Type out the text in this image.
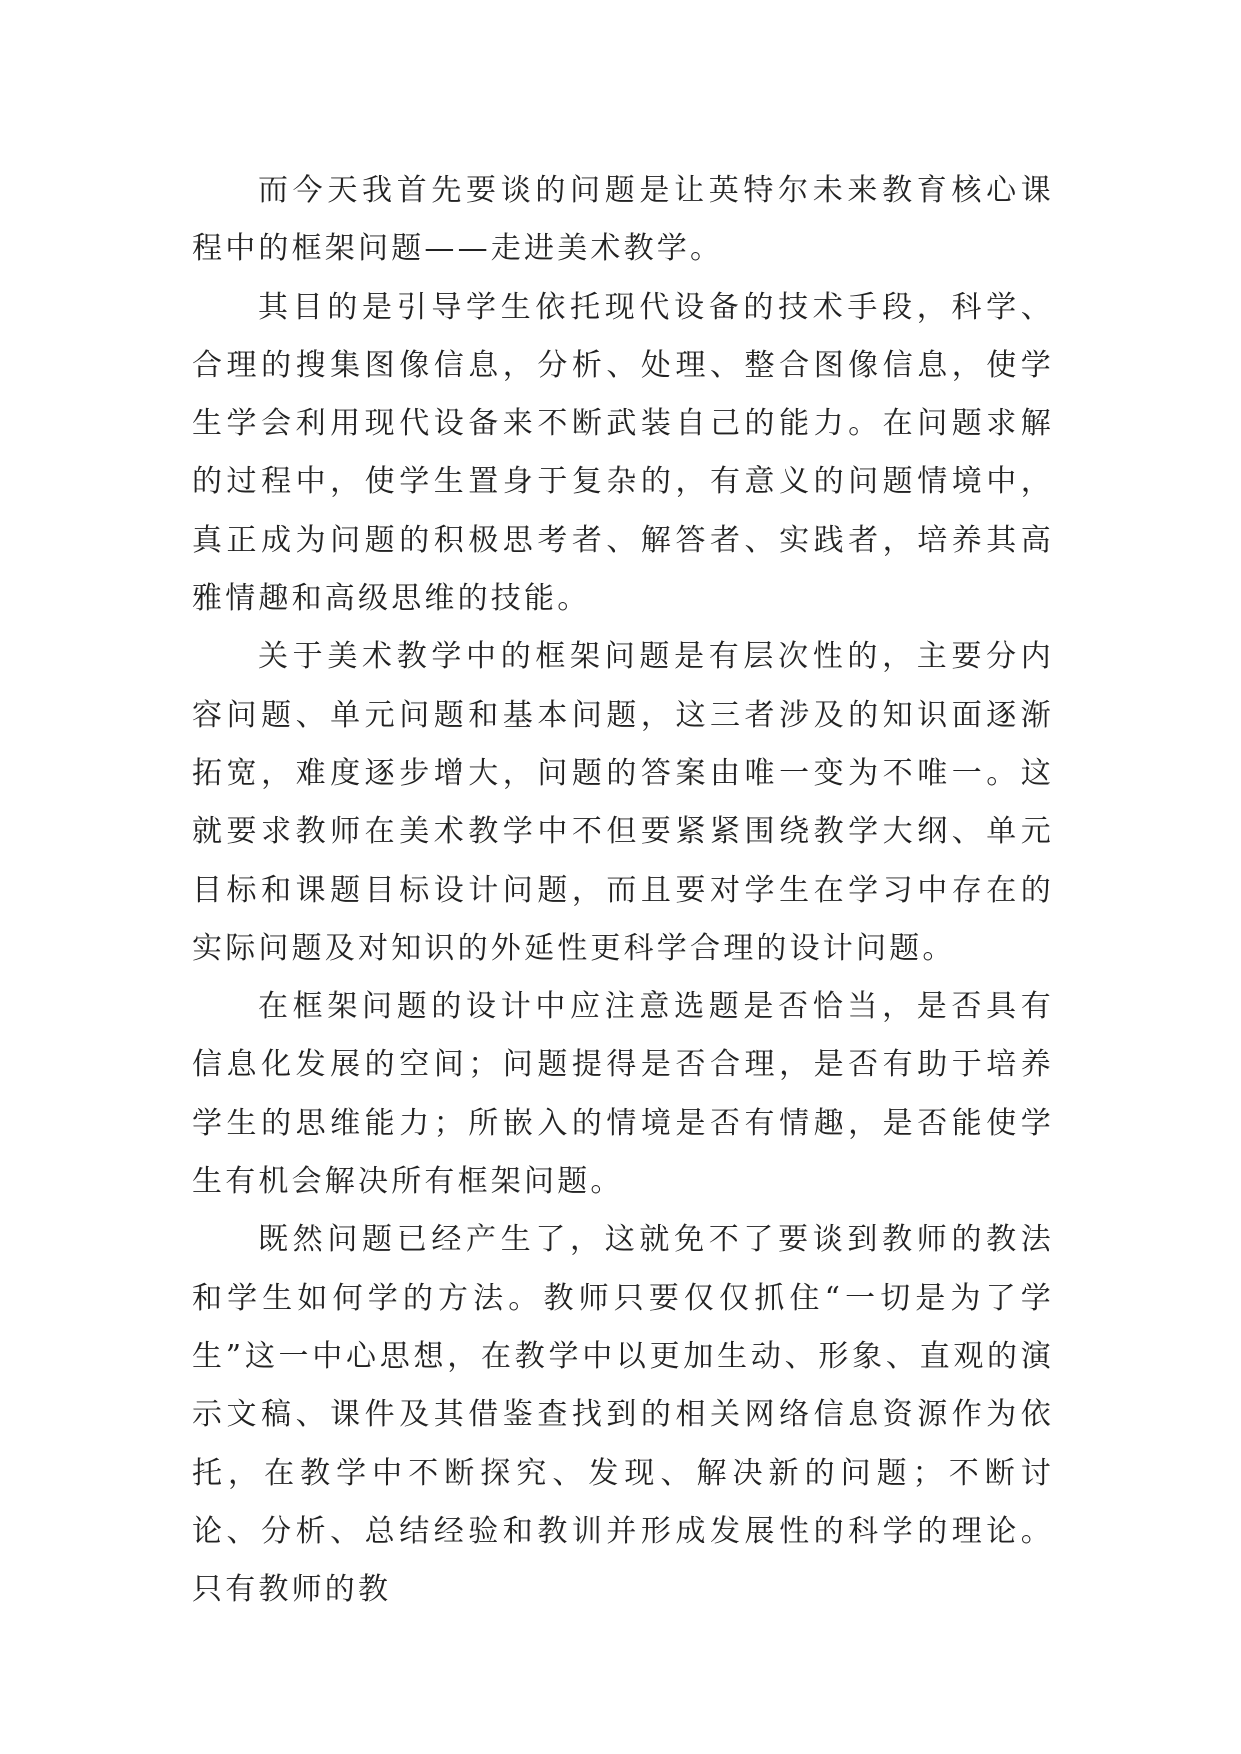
而今天我首先要谈的问题是让英特尔未来教育核心课程中的框架问题——走进美术教学。

其目的是引导学生依托现代设备的技术手段，科学、合理的搜集图像信息，分析、处理、整合图像信息，使学生学会利用现代设备来不断武装自己的能力。在问题求解的过程中，使学生置身于复杂的，有意义的问题情境中，真正成为问题的积极思考者、解答者、实践者，培养其高雅情趣和高级思维的技能。

关于美术教学中的框架问题是有层次性的，主要分内容问题、单元问题和基本问题，这三者涉及的知识面逐渐拓宽，难度逐步增大，问题的答案由唯一变为不唯一。这就要求教师在美术教学中不但要紧紧围绕教学大纲、单元目标和课题目标设计问题，而且要对学生在学习中存在的实际问题及对知识的外延性更科学合理的设计问题。

在框架问题的设计中应注意选题是否恰当，是否具有信息化发展的空间；问题提得是否合理，是否有助于培养学生的思维能力；所嵌入的情境是否有情趣，是否能使学生有机会解决所有框架问题。

既然问题已经产生了，这就免不了要谈到教师的教法和学生如何学的方法。教师只要仅仅抓住“一切是为了学生”这一中心思想，在教学中以更加生动、形象、直观的演示文稿、课件及其借鉴查找到的相关网络信息资源作为依托，在教学中不断探究、发现、解决新的问题；不断讨论、分析、总结经验和教训并形成发展性的科学的理论。只有教师的教
